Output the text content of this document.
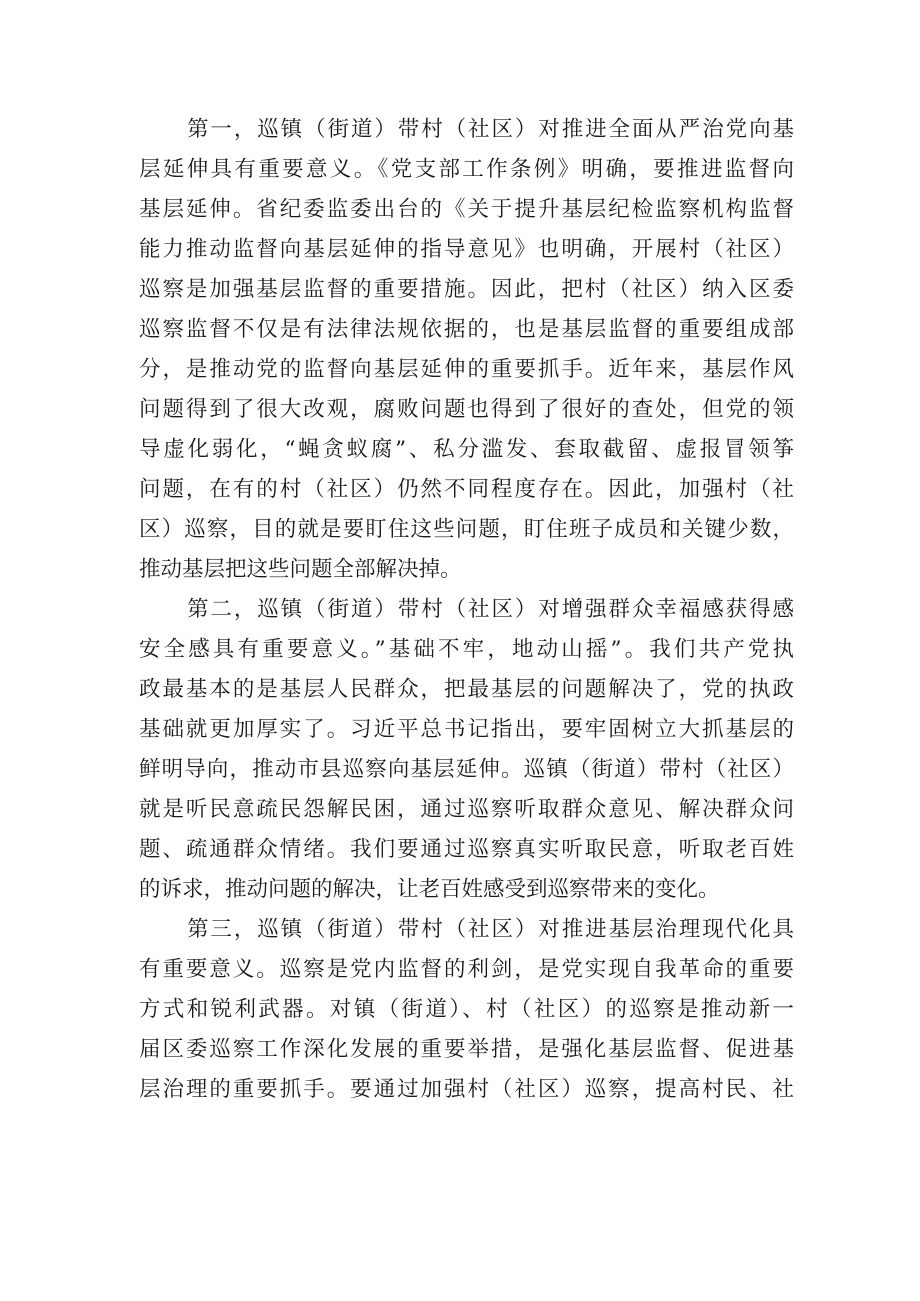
第一，巡镇（街道）带村（社区）对推进全面从严治党向基
层延伸具有重要意义。《党支部工作条例》明确，要推进监督向
基层延伸。省纪委监委出台的《关于提升基层纪检监察机构监督
能力推动监督向基层延伸的指导意见》也明确，开展村（社区）
巡察是加强基层监督的重要措施。因此，把村（社区）纳入区委
巡察监督不仅是有法律法规依据的，也是基层监督的重要组成部
分，是推动党的监督向基层延伸的重要抓手。近年来，基层作风
问题得到了很大改观，腐败问题也得到了很好的查处，但党的领
导虚化弱化，“蝇贪蚁腐”、私分滥发、套取截留、虚报冒领筝
问题，在有的村（社区）仍然不同程度存在。因此，加强村（社
区）巡察，目的就是要盯住这些问题，盯住班子成员和关键少数，
推动基层把这些问题全部解决掉。
第二，巡镇（街道）带村（社区）对增强群众幸福感获得感
安全感具有重要意义。”基础不牢，地动山摇”。我们共产党执
政最基本的是基层人民群众，把最基层的问题解决了，党的执政
基础就更加厚实了。习近平总书记指出，要牢固树立大抓基层的
鲜明导向，推动市县巡察向基层延伸。巡镇（街道）带村（社区）
就是听民意疏民怨解民困，通过巡察听取群众意见、解决群众问
题、疏通群众情绪。我们要通过巡察真实听取民意，听取老百姓
的诉求，推动问题的解决，让老百姓感受到巡察带来的变化。
第三，巡镇（街道）带村（社区）对推进基层治理现代化具
有重要意义。巡察是党内监督的利剑，是党实现自我革命的重要
方式和锐利武器。对镇（街道）、村（社区）的巡察是推动新一
届区委巡察工作深化发展的重要举措，是强化基层监督、促进基
层治理的重要抓手。要通过加强村（社区）巡察，提高村民、社
